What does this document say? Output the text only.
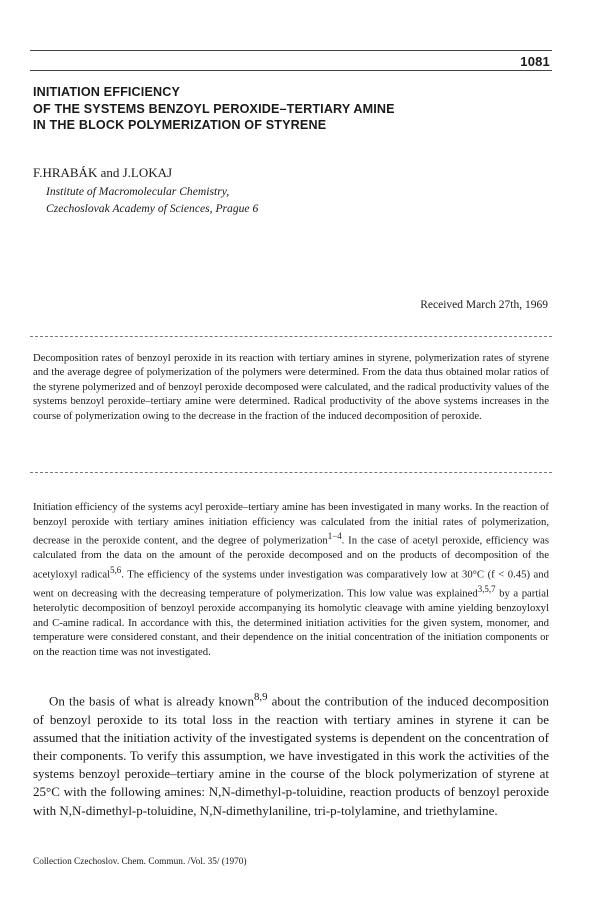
1081
INITIATION EFFICIENCY
OF THE SYSTEMS BENZOYL PEROXIDE–TERTIARY AMINE
IN THE BLOCK POLYMERIZATION OF STYRENE
F.HRABÁK and J.LOKAJ
Institute of Macromolecular Chemistry,
Czechoslovak Academy of Sciences, Prague 6
Received March 27th, 1969
Decomposition rates of benzoyl peroxide in its reaction with tertiary amines in styrene, polymerization rates of styrene and the average degree of polymerization of the polymers were determined. From the data thus obtained molar ratios of the styrene polymerized and of benzoyl peroxide decomposed were calculated, and the radical productivity values of the systems benzoyl peroxide–tertiary amine were determined. Radical productivity of the above systems increases in the course of polymerization owing to the decrease in the fraction of the induced decomposition of peroxide.
Initiation efficiency of the systems acyl peroxide–tertiary amine has been investigated in many works. In the reaction of benzoyl peroxide with tertiary amines initiation efficiency was calculated from the initial rates of polymerization, decrease in the peroxide content, and the degree of polymerization$^{1-4}$. In the case of acetyl peroxide, efficiency was calculated from the data on the amount of the peroxide decomposed and on the products of decomposition of the acetyloxyl radical$^{5,6}$. The efficiency of the systems under investigation was comparatively low at 30°C (f < 0.45) and went on decreasing with the decreasing temperature of polymerization. This low value was explained$^{3,5,7}$ by a partial heterolytic decomposition of benzoyl peroxide accompanying its homolytic cleavage with amine yielding benzoyloxyl and C-amine radical. In accordance with this, the determined initiation activities for the given system, monomer, and temperature were considered constant, and their dependence on the initial concentration of the initiation components or on the reaction time was not investigated.
On the basis of what is already known$^{8,9}$ about the contribution of the induced decomposition of benzoyl peroxide to its total loss in the reaction with tertiary amines in styrene it can be assumed that the initiation activity of the investigated systems is dependent on the concentration of their components. To verify this assumption, we have investigated in this work the activities of the systems benzoyl peroxide–tertiary amine in the course of the block polymerization of styrene at 25°C with the following amines: N,N-dimethyl-p-toluidine, reaction products of benzoyl peroxide with N,N-dimethyl-p-toluidine, N,N-dimethylaniline, tri-p-tolylamine, and triethylamine.
Collection Czechoslov. Chem. Commun. /Vol. 35/ (1970)
